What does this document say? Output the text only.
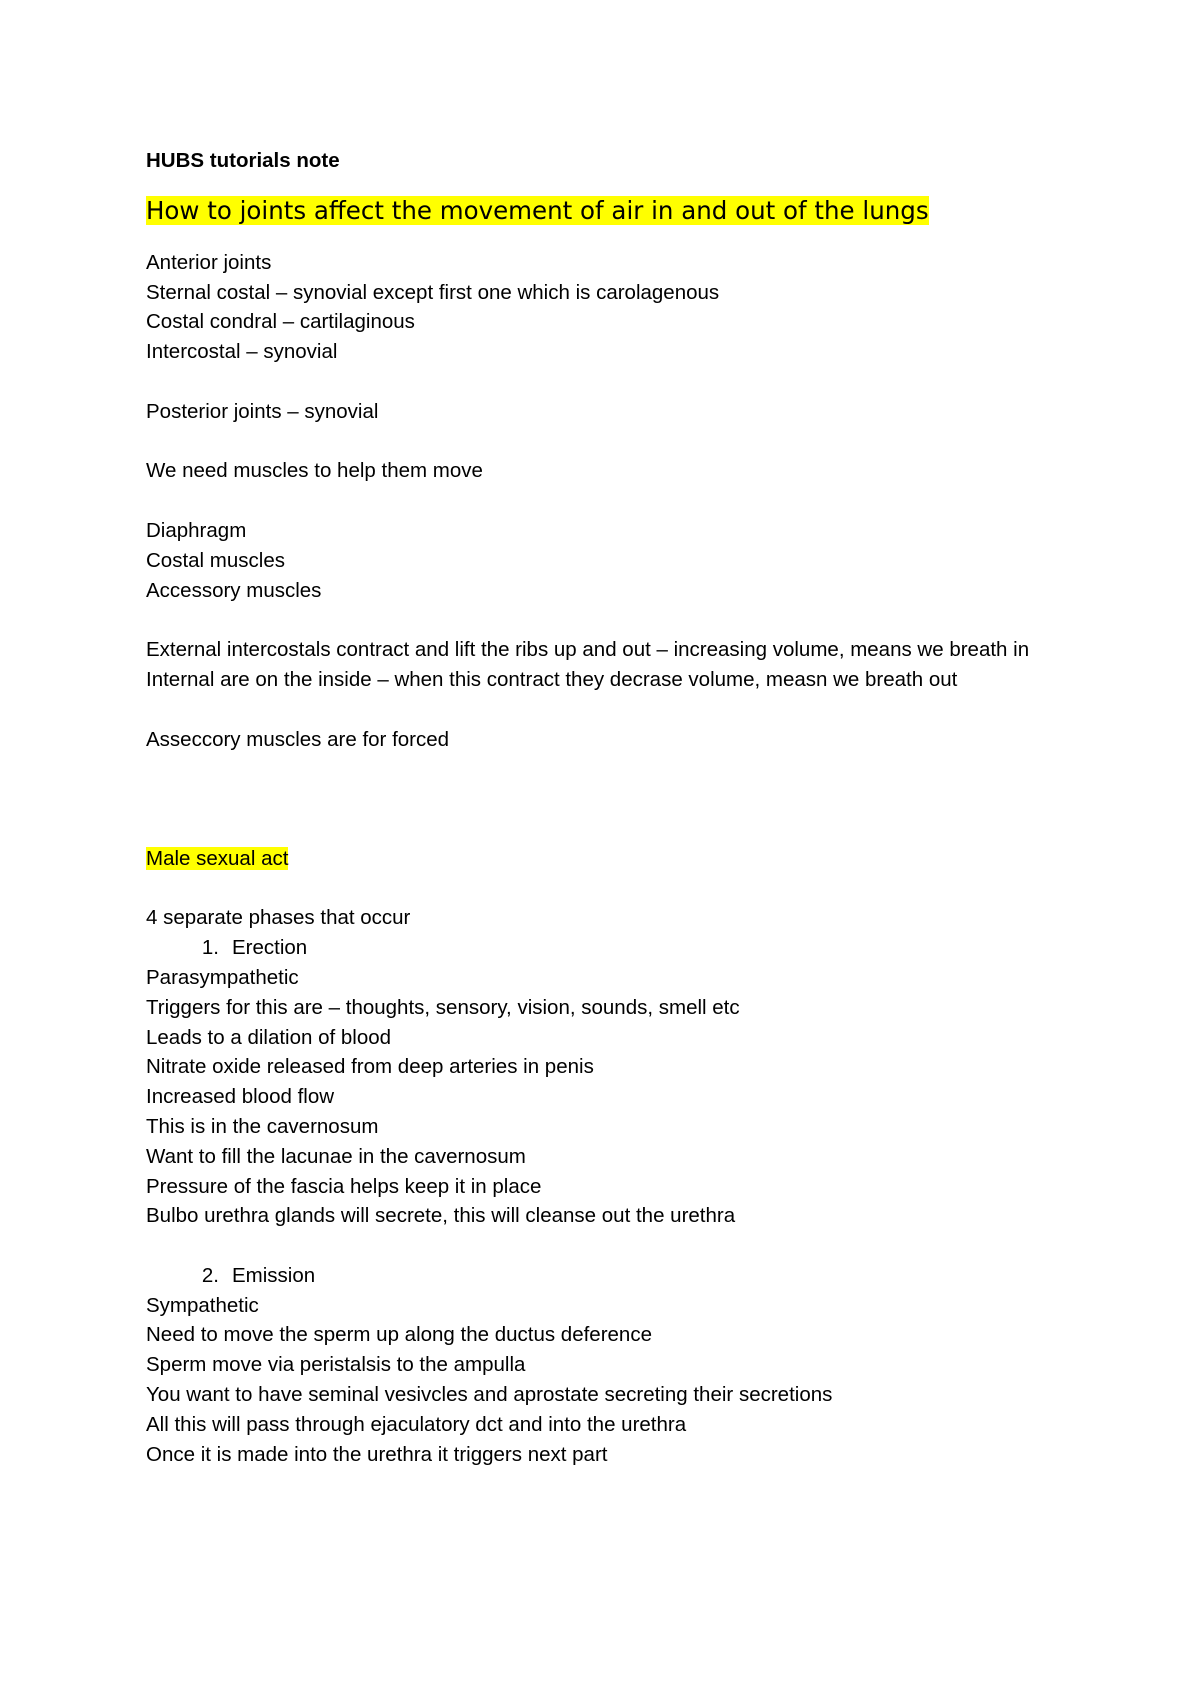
HUBS tutorials note
How to joints affect the movement of air in and out of the lungs
Anterior joints
Sternal costal – synovial except first one which is carolagenous
Costal condral – cartilaginous
Intercostal – synovial
Posterior joints – synovial
We need muscles to help them move
Diaphragm
Costal muscles
Accessory muscles
External intercostals contract and lift the ribs up and out – increasing volume, means we breath in
Internal are on the inside – when this contract they decrase volume, measn we breath out
Asseccory muscles are for forced
Male sexual act
4 separate phases that occur
1. Erection
Parasympathetic
Triggers for this are – thoughts, sensory, vision, sounds, smell etc
Leads to a dilation of blood
Nitrate oxide released from deep arteries in penis
Increased blood flow
This is in the cavernosum
Want to fill the lacunae in the cavernosum
Pressure of the fascia helps keep it in place
Bulbo urethra glands will secrete, this will cleanse out the urethra
2. Emission
Sympathetic
Need to move the sperm up along the ductus deference
Sperm move via peristalsis to the ampulla
You want to have seminal vesivcles and aprostate secreting their secretions
All this will pass through ejaculatory dct and into the urethra
Once it is made into the urethra it triggers next part
